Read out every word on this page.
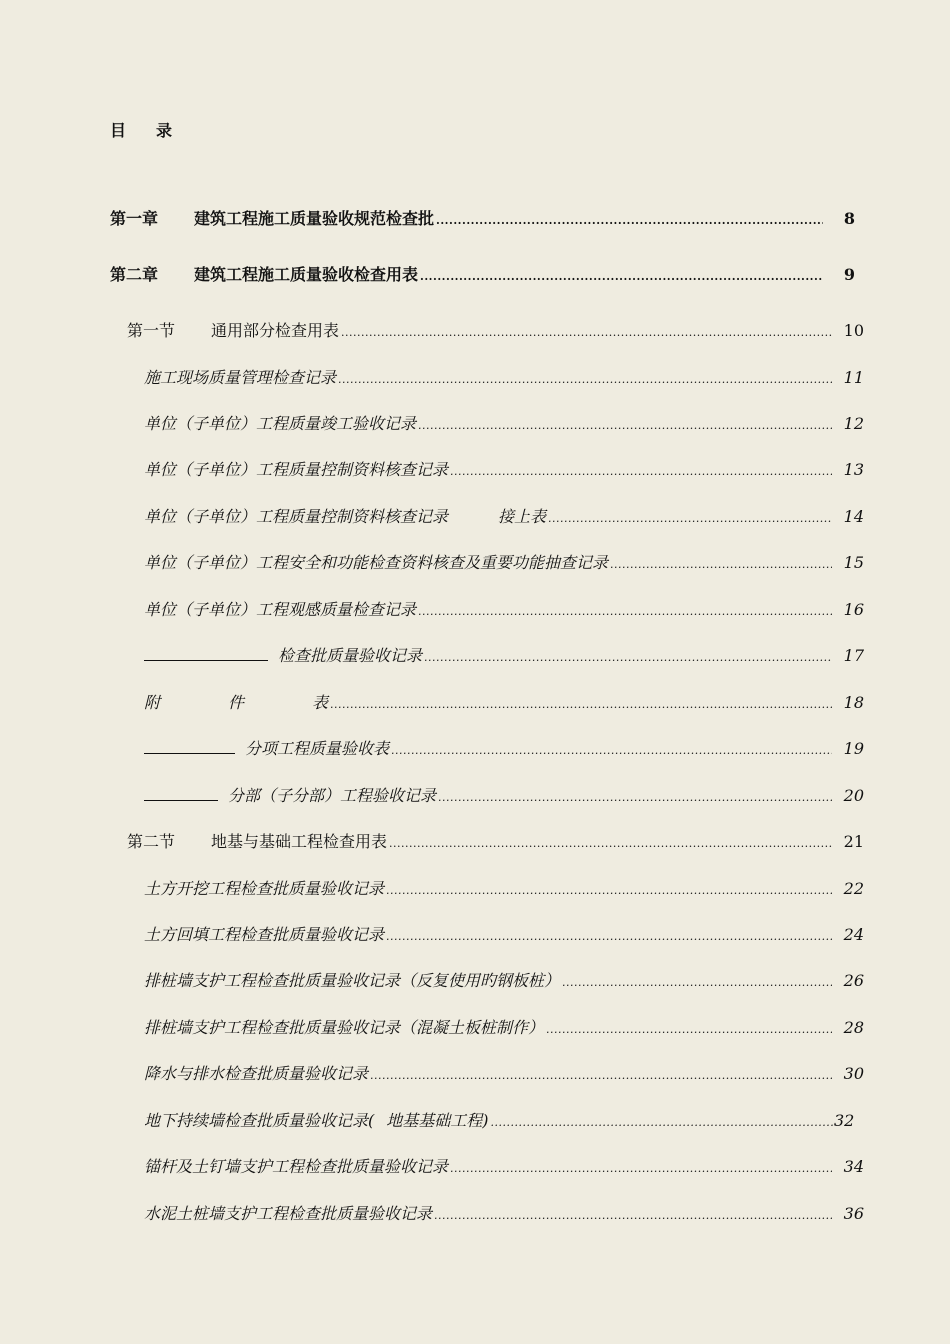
目 录
第一章 建筑工程施工质量验收规范检查批 .....	8
第二章 建筑工程施工质量验收检查用表 .....	9
第一节 通用部分检查用表 .....	10
施工现场质量管理检查记录 .....	11
单位（子单位）工程质量竣工验收记录 .....	12
单位（子单位）工程质量控制资料核查记录 .....	13
单位（子单位）工程质量控制资料核查记录	接上表 .....	14
单位（子单位）工程安全和功能检查资料核查及重要功能抽查记录 .....	15
单位（子单位）工程观感质量检查记录 .....	16
检查批质量验收记录 .....	17
附	件	表 .....	18
分项工程质量验收表 .....	19
分部（子分部）工程验收记录 .....	20
第二节 地基与基础工程检查用表 .....	21
土方开挖工程检查批质量验收记录 .....	22
土方回填工程检查批质量验收记录 .....	24
排桩墙支护工程检查批质量验收记录（反复使用旳钢板桩） .....	26
排桩墙支护工程检查批质量验收记录（混凝土板桩制作） .....	28
降水与排水检查批质量验收记录 .....	30
地下持续墙检查批质量验收记录( 地基基础工程) .....	32
锚杆及土钉墙支护工程检查批质量验收记录 .....	34
水泥土桩墙支护工程检查批质量验收记录 .....	36
